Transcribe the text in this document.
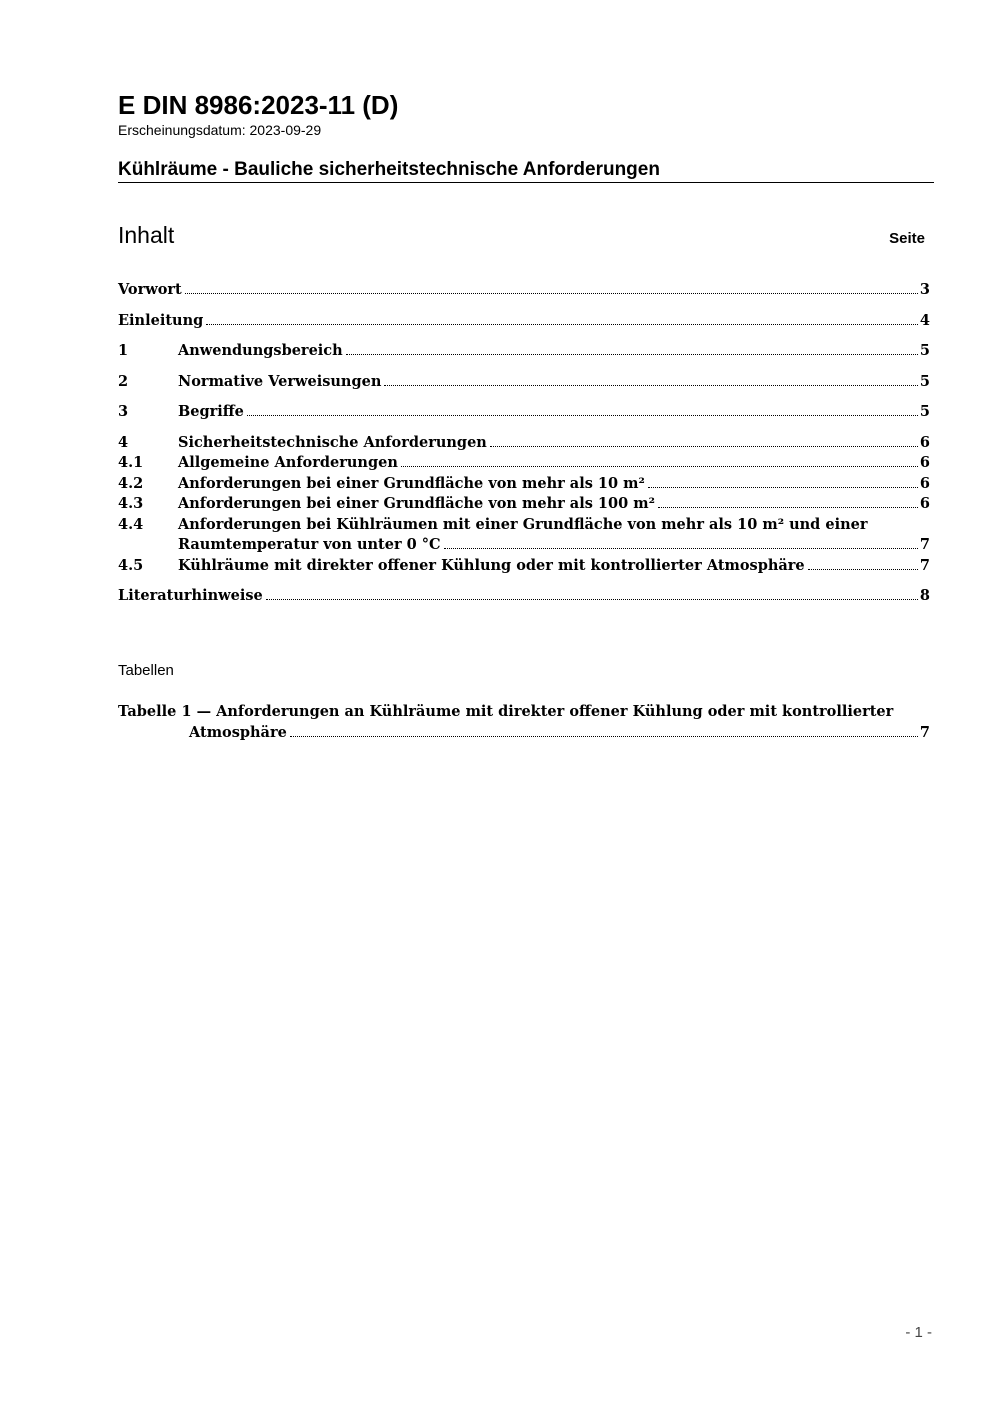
E DIN 8986:2023-11 (D)
Erscheinungsdatum: 2023-09-29
Kühlräume - Bauliche sicherheitstechnische Anforderungen
Inhalt	Seite
Vorwort	3
Einleitung	4
1	Anwendungsbereich	5
2	Normative Verweisungen	5
3	Begriffe	5
4	Sicherheitstechnische Anforderungen	6
4.1	Allgemeine Anforderungen	6
4.2	Anforderungen bei einer Grundfläche von mehr als 10 m²	6
4.3	Anforderungen bei einer Grundfläche von mehr als 100 m²	6
4.4	Anforderungen bei Kühlräumen mit einer Grundfläche von mehr als 10 m² und einer
Raumtemperatur von unter 0 °C	7
4.5	Kühlräume mit direkter offener Kühlung oder mit kontrollierter Atmosphäre	7
Literaturhinweise	8
Tabellen
Tabelle 1 — Anforderungen an Kühlräume mit direkter offener Kühlung oder mit kontrollierter
Atmosphäre	7
- 1 -
